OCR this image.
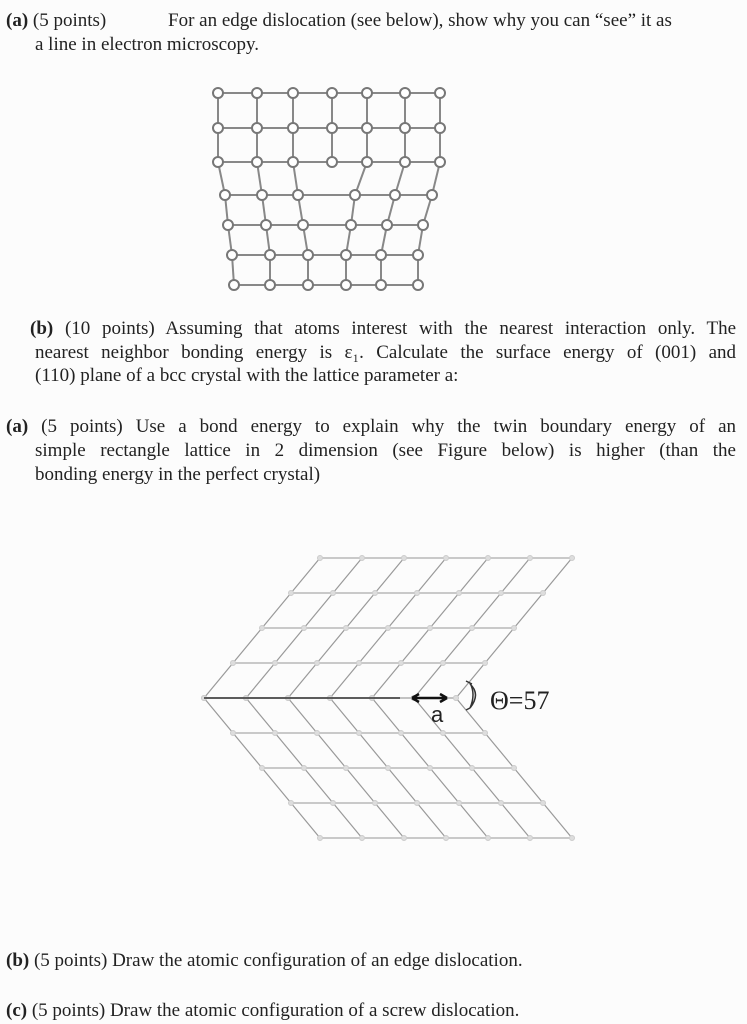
(a) (5 points)	For an edge dislocation (see below), show why you can “see” it as
a line in electron microscopy.
(b) (10 points) Assuming that atoms interest with the nearest interaction only. The
nearest neighbor bonding energy is ε₁. Calculate the surface energy of (001) and
(110) plane of a bcc crystal with the lattice parameter a:
(a) (5 points) Use a bond energy to explain why the twin boundary energy of an
simple rectangle lattice in 2 dimension (see Figure below) is higher (than the
bonding energy in the perfect crystal)
a Θ=57
(b) (5 points) Draw the atomic configuration of an edge dislocation.
(c) (5 points) Draw the atomic configuration of a screw dislocation.
